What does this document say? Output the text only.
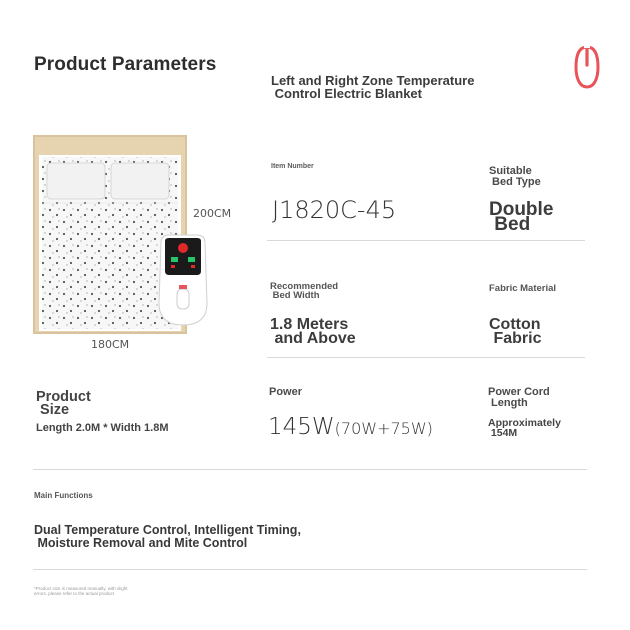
Product Parameters
Left and Right Zone Temperature
Control Electric Blanket
200CM
180CM
Item Number
J1820C-45
Suitable
Bed Type
Double
Bed
Recommended
Bed Width
1.8 Meters
and Above
Fabric Material
Cotton
Fabric
Product
Size
Length 2.0M * Width 1.8M
Power
145W(70W+75W)
Power Cord
Length
Approximately
154M
Main Functions
Dual Temperature Control, Intelligent Timing,
Moisture Removal and Mite Control
*Product size is measured manually, with slight
errors, please refer to the actual product
